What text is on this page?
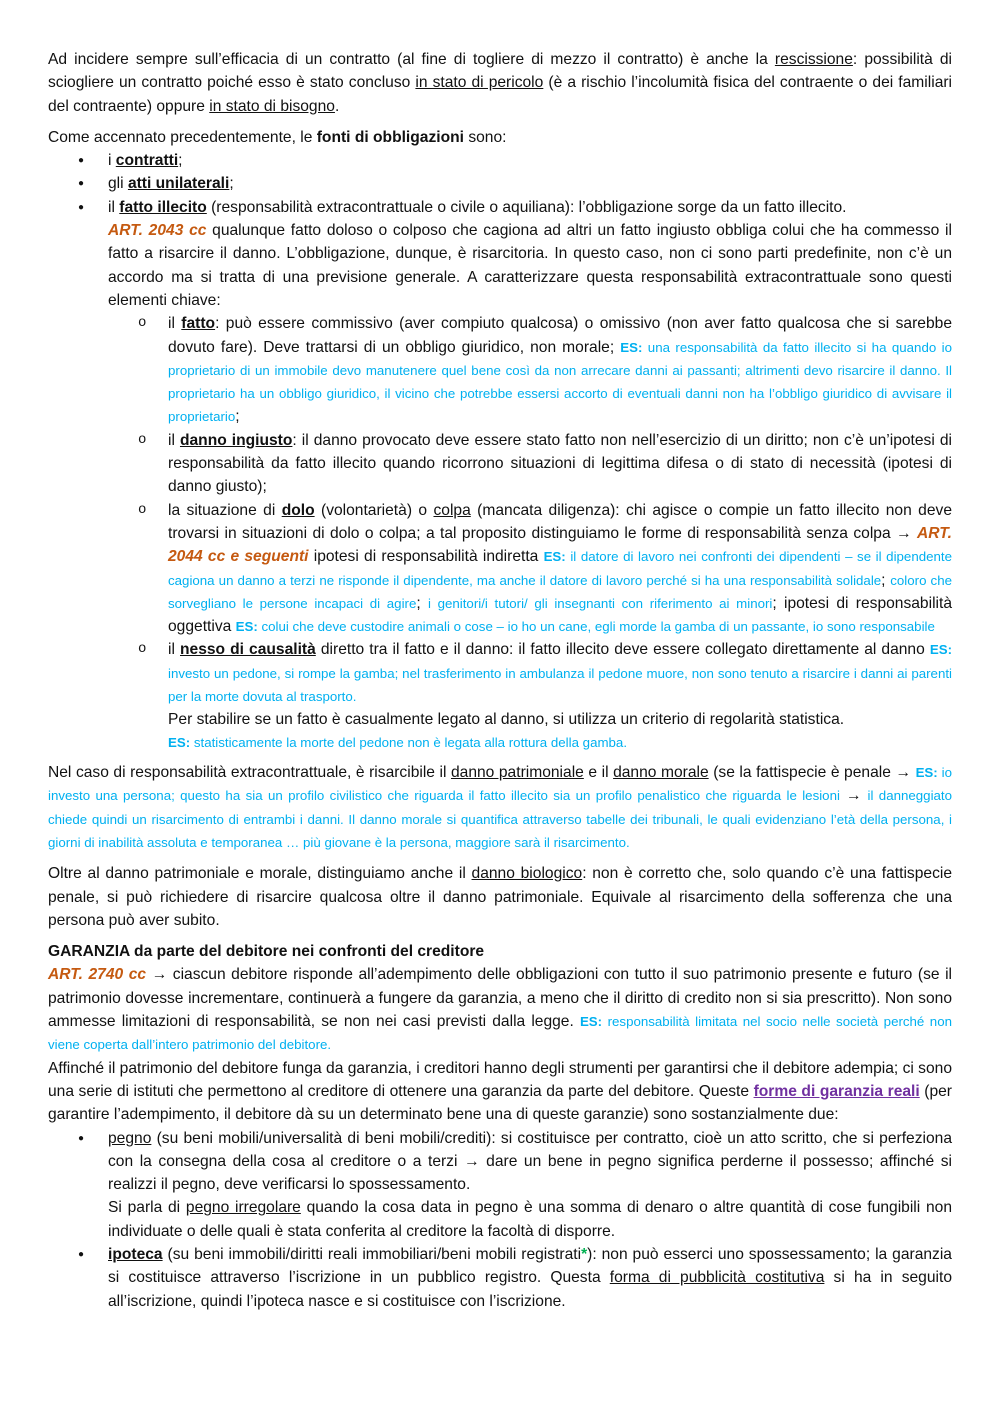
Ad incidere sempre sull’efficacia di un contratto (al fine di togliere di mezzo il contratto) è anche la rescissione: possibilità di sciogliere un contratto poiché esso è stato concluso in stato di pericolo (è a rischio l’incolumità fisica del contraente o dei familiari del contraente) oppure in stato di bisogno.

Come accennato precedentemente, le fonti di obbligazioni sono:

● i contratti;
● gli atti unilaterali;
● il fatto illecito (responsabilità extracontrattuale o civile o aquiliana): l’obbligazione sorge da un fatto illecito.
ART. 2043 cc qualunque fatto doloso o colposo che cagiona ad altri un fatto ingiusto obbliga colui che ha commesso il fatto a risarcire il danno. L’obbligazione, dunque, è risarcitoria. In questo caso, non ci sono parti predefinite, non c’è un accordo ma si tratta di una previsione generale. A caratterizzare questa responsabilità extracontrattuale sono questi elementi chiave:
o il fatto: può essere commissivo (aver compiuto qualcosa) o omissivo (non aver fatto qualcosa che si sarebbe dovuto fare). Deve trattarsi di un obbligo giuridico, non morale; ES: una responsabilità da fatto illecito si ha quando io proprietario di un immobile devo manutenere quel bene così da non arrecare danni ai passanti; altrimenti devo risarcire il danno. Il proprietario ha un obbligo giuridico, il vicino che potrebbe essersi accorto di eventuali danni non ha l’obbligo giuridico di avvisare il proprietario;
o il danno ingiusto: il danno provocato deve essere stato fatto non nell’esercizio di un diritto; non c’è un’ipotesi di responsabilità da fatto illecito quando ricorrono situazioni di legittima difesa o di stato di necessità (ipotesi di danno giusto);
o la situazione di dolo (volontarietà) o colpa (mancata diligenza): chi agisce o compie un fatto illecito non deve trovarsi in situazioni di dolo o colpa; a tal proposito distinguiamo le forme di responsabilità senza colpa → ART. 2044 cc e seguenti ipotesi di responsabilità indiretta ES: il datore di lavoro nei confronti dei dipendenti – se il dipendente cagiona un danno a terzi ne risponde il dipendente, ma anche il datore di lavoro perché si ha una responsabilità solidale; coloro che sorvegliano le persone incapaci di agire; i genitori/i tutori/ gli insegnanti con riferimento ai minori; ipotesi di responsabilità oggettiva ES: colui che deve custodire animali o cose – io ho un cane, egli morde la gamba di un passante, io sono responsabile
o il nesso di causalità diretto tra il fatto e il danno: il fatto illecito deve essere collegato direttamente al danno ES: investo un pedone, si rompe la gamba; nel trasferimento in ambulanza il pedone muore, non sono tenuto a risarcire i danni ai parenti per la morte dovuta al trasporto.
Per stabilire se un fatto è casualmente legato al danno, si utilizza un criterio di regolarità statistica.
ES: statisticamente la morte del pedone non è legata alla rottura della gamba.

Nel caso di responsabilità extracontrattuale, è risarcibile il danno patrimoniale e il danno morale (se la fattispecie è penale → ES: io investo una persona; questo ha sia un profilo civilistico che riguarda il fatto illecito sia un profilo penalistico che riguarda le lesioni → il danneggiato chiede quindi un risarcimento di entrambi i danni. Il danno morale si quantifica attraverso tabelle dei tribunali, le quali evidenziano l’età della persona, i giorni di inabilità assoluta e temporanea … più giovane è la persona, maggiore sarà il risarcimento.

Oltre al danno patrimoniale e morale, distinguiamo anche il danno biologico: non è corretto che, solo quando c’è una fattispecie penale, si può richiedere di risarcire qualcosa oltre il danno patrimoniale. Equivale al risarcimento della sofferenza che una persona può aver subito.

GARANZIA da parte del debitore nei confronti del creditore

ART. 2740 cc → ciascun debitore risponde all’adempimento delle obbligazioni con tutto il suo patrimonio presente e futuro (se il patrimonio dovesse incrementare, continuerà a fungere da garanzia, a meno che il diritto di credito non si sia prescritto). Non sono ammesse limitazioni di responsabilità, se non nei casi previsti dalla legge. ES: responsabilità limitata nel socio nelle società perché non viene coperta dall’intero patrimonio del debitore.

Affinché il patrimonio del debitore funga da garanzia, i creditori hanno degli strumenti per garantirsi che il debitore adempia; ci sono una serie di istituti che permettono al creditore di ottenere una garanzia da parte del debitore. Queste forme di garanzia reali (per garantire l’adempimento, il debitore dà su un determinato bene una di queste garanzie) sono sostanzialmente due:

● pegno (su beni mobili/universalità di beni mobili/crediti): si costituisce per contratto, cioè un atto scritto, che si perfeziona con la consegna della cosa al creditore o a terzi → dare un bene in pegno significa perderne il possesso; affinché si realizzi il pegno, deve verificarsi lo spossessamento.
Si parla di pegno irregolare quando la cosa data in pegno è una somma di denaro o altre quantità di cose fungibili non individuate o delle quali è stata conferita al creditore la facoltà di disporre.
● ipoteca (su beni immobili/diritti reali immobiliari/beni mobili registrati*): non può esserci uno spossessamento; la garanzia si costituisce attraverso l’iscrizione in un pubblico registro. Questa forma di pubblicità costitutiva si ha in seguito all’iscrizione, quindi l’ipoteca nasce e si costituisce con l’iscrizione.
